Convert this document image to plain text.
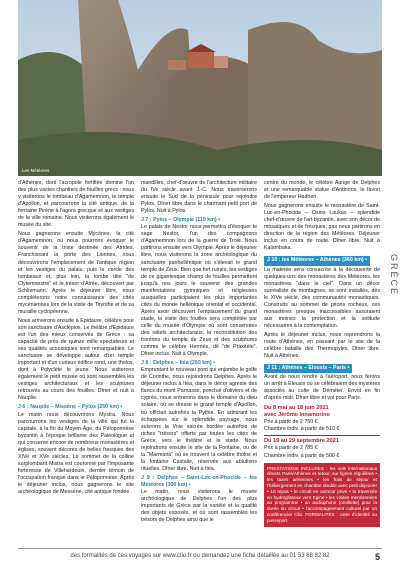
Les Météores

d'Athènes, dont l'acropole fortifiée domine l'un des plus vastes chantiers de fouilles grecs : nous y visiterons le tombeau d'Agamemnon, le temple d'Apollon, et parcourrons la cité antique, de la fontaine Pirène à l'agora grecque et aux vestiges de la ville romaine. Nous visiterons également le musée du site.

Nous gagnerons ensuite Mycènes, la cité d'Agamemnon, où nous pourrons évoquer le souvenir de la triste destinée des Atrides. Franchissant la porte des Lionnes, nous découvrirons l'emplacement de l'antique région et les vestiges du palais, puis le cercle des tombeaux et, plus loin, la tombe dite "de Clytemnestre" et le trésor d'Atrée, découvert par Schliemann. Après le déjeuner libre, nous compléterons notre connaissance des cités mycéniennes lors de la visite de Tirynthe et de sa muraille cyclopéenne.

Nous arriverons ensuite à Epidaure, célèbre pour son sanctuaire d'Asclépios. Le théâtre d'Epidaure est l'un des mieux conservés de Grèce : sa capacité de près de quinze mille spectateurs et ses qualités acoustiques sont remarquables. Le sanctuaire se développe autour d'un temple important et d'un curieux édifice rond, une tholos, dont à Polyclète le jeune. Nous visiterons également le petit musée où sont rassemblés les vestiges architecturaux et les sculptures retrouvés au cours des fouilles. Dîner et nuit à Nauplie.

J 6 : Nauplie – Missène – Pylos (250 km) •

Le matin nous découvrirons Mystra. Nous parcourrons les vestiges de la ville qui fut la capitale, à la fin du Moyen-Âge, du Péloponnèse byzantin à l'époque brillante des Paléologue et qui conserve encore de nombreux monastères et églises, souvent décorés de belles fresques des XIVe et XVe siècles. Le sommet de la colline surplombant Mistra est couronné par l'imposante forteresse de Villehardouin, dernier témoin de l'occupation franque dans le Péloponnèse. Après le déjeuner inclus, nous gagnerons le site archéologique de Messène, cité antique fondée

mandilles, chef-d'œuvre de l'architecture militaire du IVe siècle avant J.-C. Nous traverserons ensuite le Sud de la péninsule pour rejoindre Pylos. Dîner libre dans le charmant petit port de Pylos. Nuit à Pylos.

J 7 : Pylos – Olympie (110 km) •

Le palais de Nestor nous permettra d'évoquer le sage Nestor, l'un des compagnons d'Agamemnon lors de la guerre de Troie. Nous partirons ensuite vers Olympie. Après le déjeuner libre, nous visiterons la zone archéologique du sanctuaire panhellénique où s'élevait le grand temple de Zeus. Bien que fort ruinés, les vestiges de ce gigantesque champ de fouilles permettent jusqu'à nos jours le souvenir des grandes manifestations gymniques et religieuses auxquelles participaient les plus importantes cités du monde hellénique oriental et occidental. Après avoir découvert l'emplacement du grand stade, la visite des fouilles sera complétée par celle du musée d'Olympie où sont conservées des reliefs architecturaux, la reconstitution des frontons du temple de Zeus et des sculptures comme le célèbre Hermès, dit "de Praxitèle". Dîner inclus. Nuit à Olympie.

J 8 : Delphes – Itéa (260 km) •

Empruntant le nouveau pont qui enjambe le golfe de Corinthe, nous rejoindrons Delphes. Après le déjeuner inclus à Itéa, dans le décor agreste des flancs du mont Parnasse, ponctué d'oliviers et de cyprès, nous entrerons dans le domaine du dieu solaire, où se dresse le grand temple d'Apollon, où officiait autrefois la Pythie. En admirant les échappées sur le splendide paysage, nous suivrons la Voie sacrée bordée autrefois de riches "trésors" offerts par toutes les cités de Grèce, vers le théâtre et le stade. Nous rejoindrons ensuite le site de la Fontaine, ou de la "Marmaria" où se trouvent la célèbre tholos et la fontaine Castalie, réservée aux ablutions rituelles. Dîner libre. Nuit à Itéa.

J 9 : Delphes – Saint-Luc-en-Phocide – les Météores (300 km) •

Le matin, nous visiterons le musée archéologique de Delphes l'un des plus importants de Grèce par la variété et la qualité des objets exposés, et où sont rassemblés les trésors de Delphes ainsi que le

centre du monde, le célèbre Aurige de Delphes et une remarquable statue d'Antinoos, le favori de l'empereur Hadrien.

Nous gagnerons ensuite le monastère de Saint-Luc-en-Phocide – Osios Loukas – splendide chef-d'œuvre de l'art byzantin, avec son décor de mosaïques et de fresques, pas nous partirons en direction de la région des Météores. Déjeuner inclus en cours de route. Dîner libre. Nuit à Kalambaka.

J 10 : les Météores – Athènes (360 km) •

La matinée sera consacrée à la découverte de quelques-uns des monastères des Météores, les monastères "dans le ciel". Dans un décor surréaliste de montagnes, se sont installés, dès le XIVe siècle, des communautés monastiques. Construits au sommet de pitons rocheux, ces monastères presque inaccessibles assuraient aux moines la protection et la solitude nécessaires à la contemplation.

Après le déjeuner inclus, nous reprendrons la route d'Athènes, en passant par le site de la célèbre bataille des Thermopyles. Dîner libre. Nuit à Athènes.

J 11 : Athènes – Elousis – Paris •

Avant de nous rendre à l'aéroport, nous ferons un arrêt à Eleusis où se célébraient des mystères associés au culte de Déméter. Envol en fin d'après-midi. Dîner libre et vol pour Paris.

Du 8 mai au 18 juin 2021
avec Jérôme Innamorino
Prix à partir de 2 750 €
Chambre indiv. à partir de 510 €
Du 19 au 29 septembre 2021
Prix à partir de 2 785 €
Chambre indiv. à partir de 500 €
PRESTATIONS INCLUSES : les vols internationaux directs Paris/Athènes et retour, sur lignes régulières • les taxes aériennes • les frais de séjour et l'hébergement en chambre double avec petit déjeuner • 10 repas • le circuit en autocar privé • la traversée en hydroglisseur vers Egine • les visites mentionnées au programme • un audiophone (oreillette) pour la durée du circuit • l'accompagnement culturel par un conférencier Clio. FORMALITÉS : carte d'identité ou passeport.
GRÈCE
des formalités de ces voyages sur www.clio.fr ou demandez une fiche détaillée au 01 53 68 82 82	5
